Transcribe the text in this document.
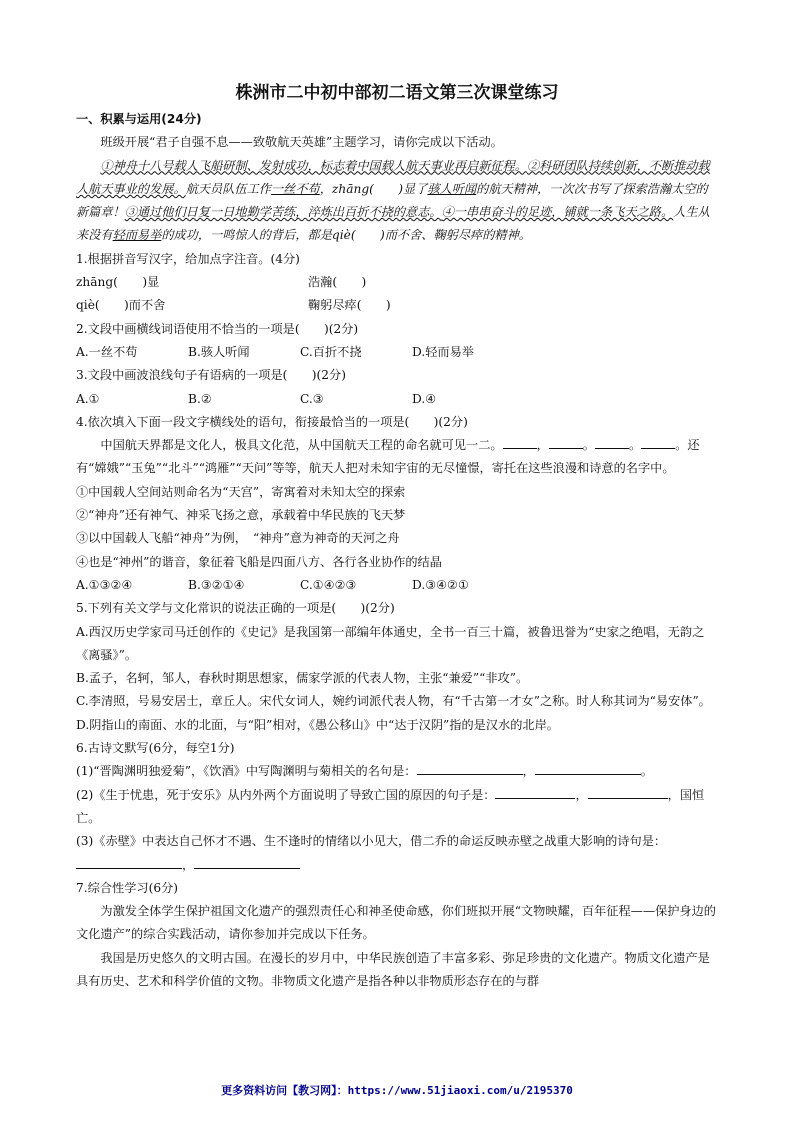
株洲市二中初中部初二语文第三次课堂练习

一、积累与运用(24分)

班级开展“君子自强不息——致敬航天英雄”主题学习，请你完成以下活动。

①神舟十八号载人飞船研制、发射成功，标志着中国载人航天事业再启新征程。②科研团队持续创新，不断推动载人航天事业的发展。航天员队伍工作一丝不苟，zhāng(　　)显了骇人听闻的航天精神，一次次书写了探索浩瀚太空的新篇章！③通过他们日复一日地勤学苦练，淬炼出百折不挠的意志。④一串串奋斗的足迹，铺就一条飞天之路。人生从来没有轻而易举的成功，一鸣惊人的背后，都是qiè(　　)而不舍、鞠躬尽瘁的精神。

1.根据拼音写汉字，给加点字注音。(4分)

zhāng(　　)显	浩瀚(　　)
qiè(　　)而不舍	鞠躬尽瘁(　　)

2.文段中画横线词语使用不恰当的一项是(　　)(2分)

A.一丝不苟	B.骇人听闻	C.百折不挠	D.轻而易举

3.文段中画波浪线句子有语病的一项是(　　)(2分)

A.①	B.②	C.③	D.④

4.依次填入下面一段文字横线处的语句，衔接最恰当的一项是(　　)(2分)

中国航天界都是文化人，极具文化范，从中国航天工程的命名就可见一二。	，	。	。	。还有“嫦娥”“玉兔”“北斗”“鸿雁”“天问”等等，航天人把对未知宇宙的无尽憧憬，寄托在这些浪漫和诗意的名字中。

①中国载人空间站则命名为“天宫”，寄寓着对未知太空的探索

②“神舟”还有神气、神采飞扬之意，承载着中华民族的飞天梦

③以中国载人飞船“神舟”为例，　“神舟”意为神奇的天河之舟

④也是“神州”的谐音，象征着飞船是四面八方、各行各业协作的结晶

A.①③②④	B.③②①④	C.①④②③	D.③④②①

5.下列有关文学与文化常识的说法正确的一项是(　　)(2分)

A.西汉历史学家司马迁创作的《史记》是我国第一部编年体通史，全书一百三十篇，被鲁迅誉为“史家之绝唱，无韵之《离骚》”。

B.孟子，名轲，邹人，春秋时期思想家，儒家学派的代表人物，主张“兼爱”“非攻”。

C.李清照，号易安居士，章丘人。宋代女词人，婉约词派代表人物，有“千古第一才女”之称。时人称其词为“易安体”。

D.阴指山的南面、水的北面，与“阳”相对，《愚公移山》中“达于汉阴”指的是汉水的北岸。

6.古诗文默写(6分，每空1分)

(1)“晋陶渊明独爱菊”，《饮酒》中写陶渊明与菊相关的名句是：	，	。

(2)《生于忧患，死于安乐》从内外两个方面说明了导致亡国的原因的句子是：	，	，国恒亡。

(3)《赤壁》中表达自己怀才不遇、生不逢时的情绪以小见大，借二乔的命运反映赤壁之战重大影响的诗句是：，

7.综合性学习(6分)

为激发全体学生保护祖国文化遗产的强烈责任心和神圣使命感，你们班拟开展“文物映耀，百年征程——保护身边的文化遗产”的综合实践活动，请你参加并完成以下任务。

我国是历史悠久的文明古国。在漫长的岁月中，中华民族创造了丰富多彩、弥足珍贵的文化遗产。物质文化遗产是具有历史、艺术和科学价值的文物。非物质文化遗产是指各种以非物质形态存在的与群

更多资料访问【教习网】：https://www.51jiaoxi.com/u/2195370
